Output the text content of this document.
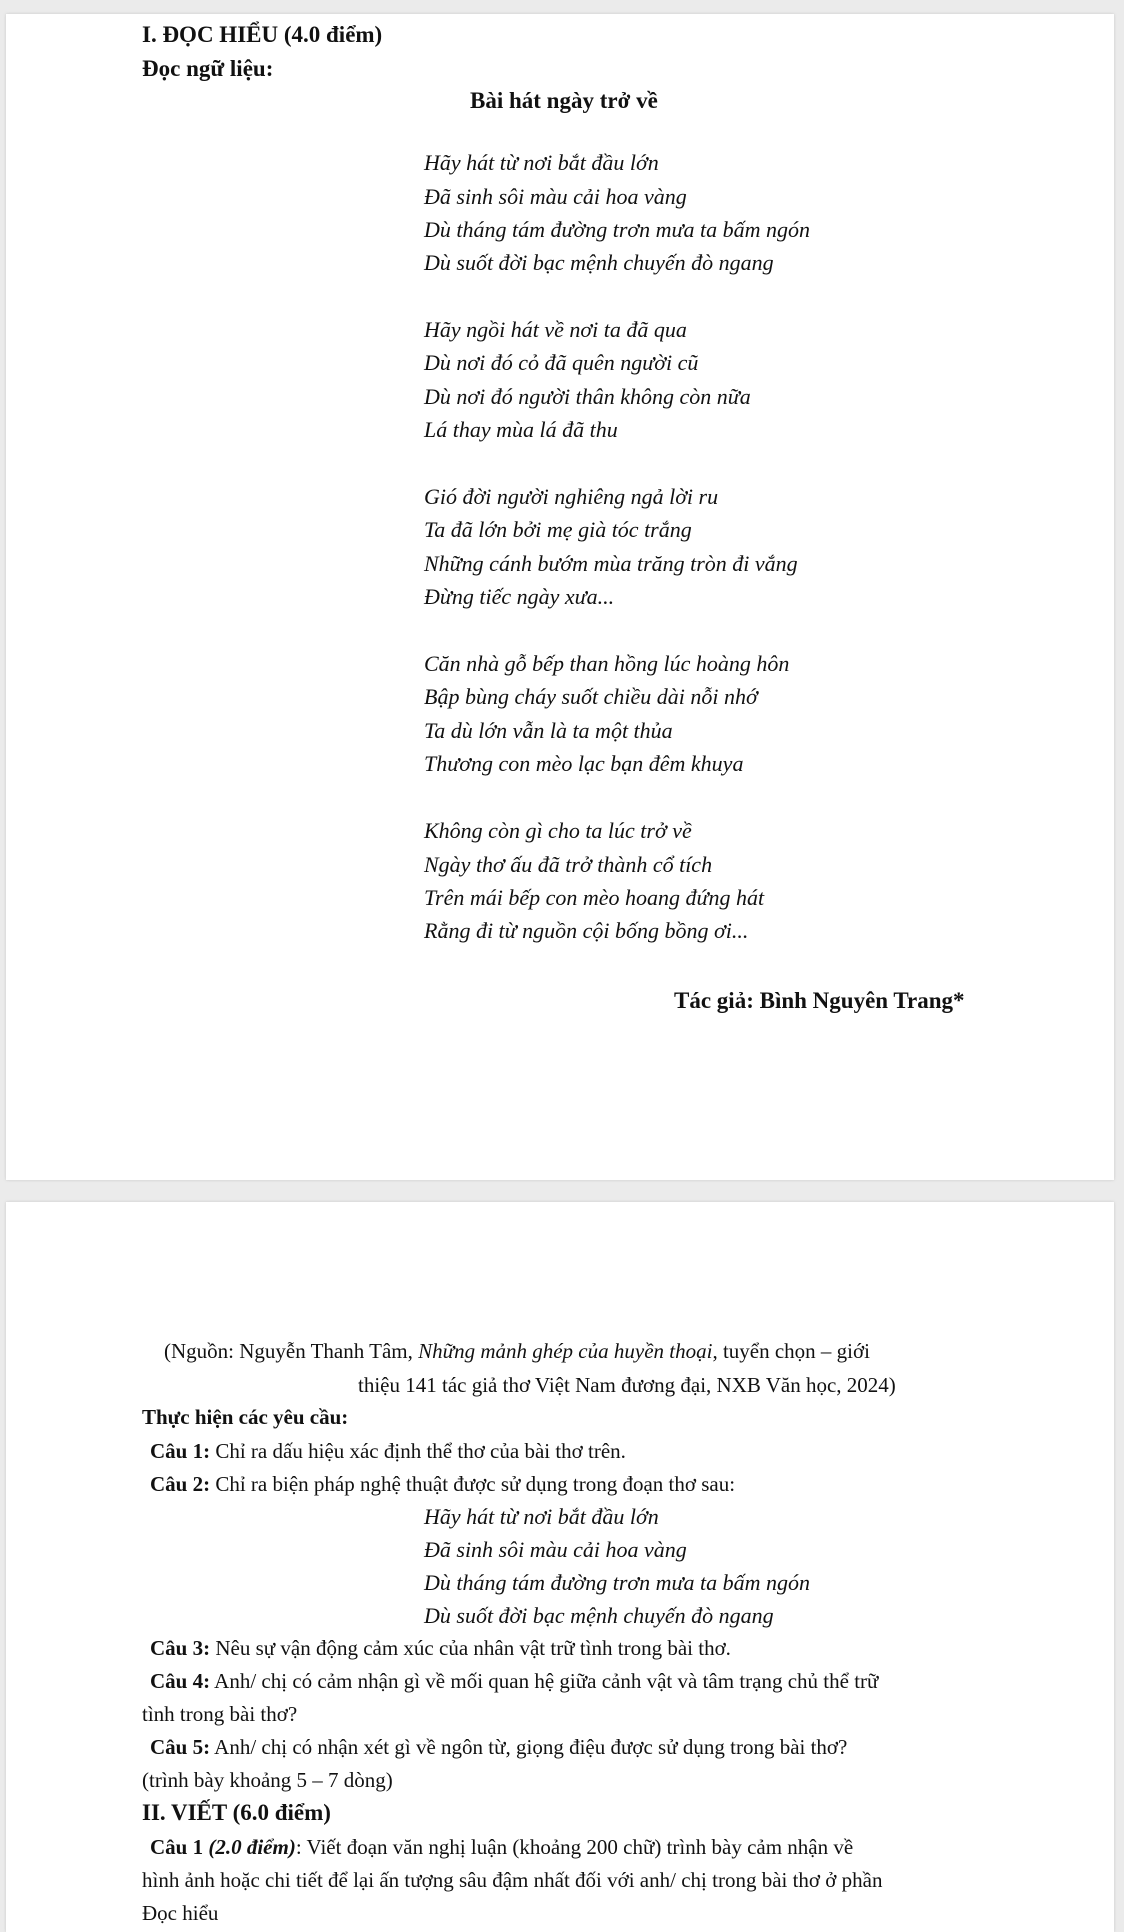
I. ĐỌC HIỂU (4.0 điểm)
Đọc ngữ liệu:
Bài hát ngày trở về
Hãy hát từ nơi bắt đầu lớn
Đã sinh sôi màu cải hoa vàng
Dù tháng tám đường trơn mưa ta bấm ngón
Dù suốt đời bạc mệnh chuyến đò ngang
Hãy ngồi hát về nơi ta đã qua
Dù nơi đó cỏ đã quên người cũ
Dù nơi đó người thân không còn nữa
Lá thay mùa lá đã thu
Gió đời người nghiêng ngả lời ru
Ta đã lớn bởi mẹ già tóc trắng
Những cánh bướm mùa trăng tròn đi vắng
Đừng tiếc ngày xưa...
Căn nhà gỗ bếp than hồng lúc hoàng hôn
Bập bùng cháy suốt chiều dài nỗi nhớ
Ta dù lớn vẫn là ta một thủa
Thương con mèo lạc bạn đêm khuya
Không còn gì cho ta lúc trở về
Ngày thơ ấu đã trở thành cổ tích
Trên mái bếp con mèo hoang đứng hát
Rằng đi từ nguồn cội bống bồng ơi...
Tác giả: Bình Nguyên Trang*
(Nguồn: Nguyễn Thanh Tâm, Những mảnh ghép của huyền thoại, tuyển chọn – giới
thiệu 141 tác giả thơ Việt Nam đương đại, NXB Văn học, 2024)
Thực hiện các yêu cầu:
Câu 1: Chỉ ra dấu hiệu xác định thể thơ của bài thơ trên.
Câu 2: Chỉ ra biện pháp nghệ thuật được sử dụng trong đoạn thơ sau:
Hãy hát từ nơi bắt đầu lớn
Đã sinh sôi màu cải hoa vàng
Dù tháng tám đường trơn mưa ta bấm ngón
Dù suốt đời bạc mệnh chuyến đò ngang
Câu 3: Nêu sự vận động cảm xúc của nhân vật trữ tình trong bài thơ.
Câu 4: Anh/ chị có cảm nhận gì về mối quan hệ giữa cảnh vật và tâm trạng chủ thể trữ
tình trong bài thơ?
Câu 5: Anh/ chị có nhận xét gì về ngôn từ, giọng điệu được sử dụng trong bài thơ?
(trình bày khoảng 5 – 7 dòng)
II. VIẾT (6.0 điểm)
Câu 1 (2.0 điểm): Viết đoạn văn nghị luận (khoảng 200 chữ) trình bày cảm nhận về
hình ảnh hoặc chi tiết để lại ấn tượng sâu đậm nhất đối với anh/ chị trong bài thơ ở phần
Đọc hiểu
